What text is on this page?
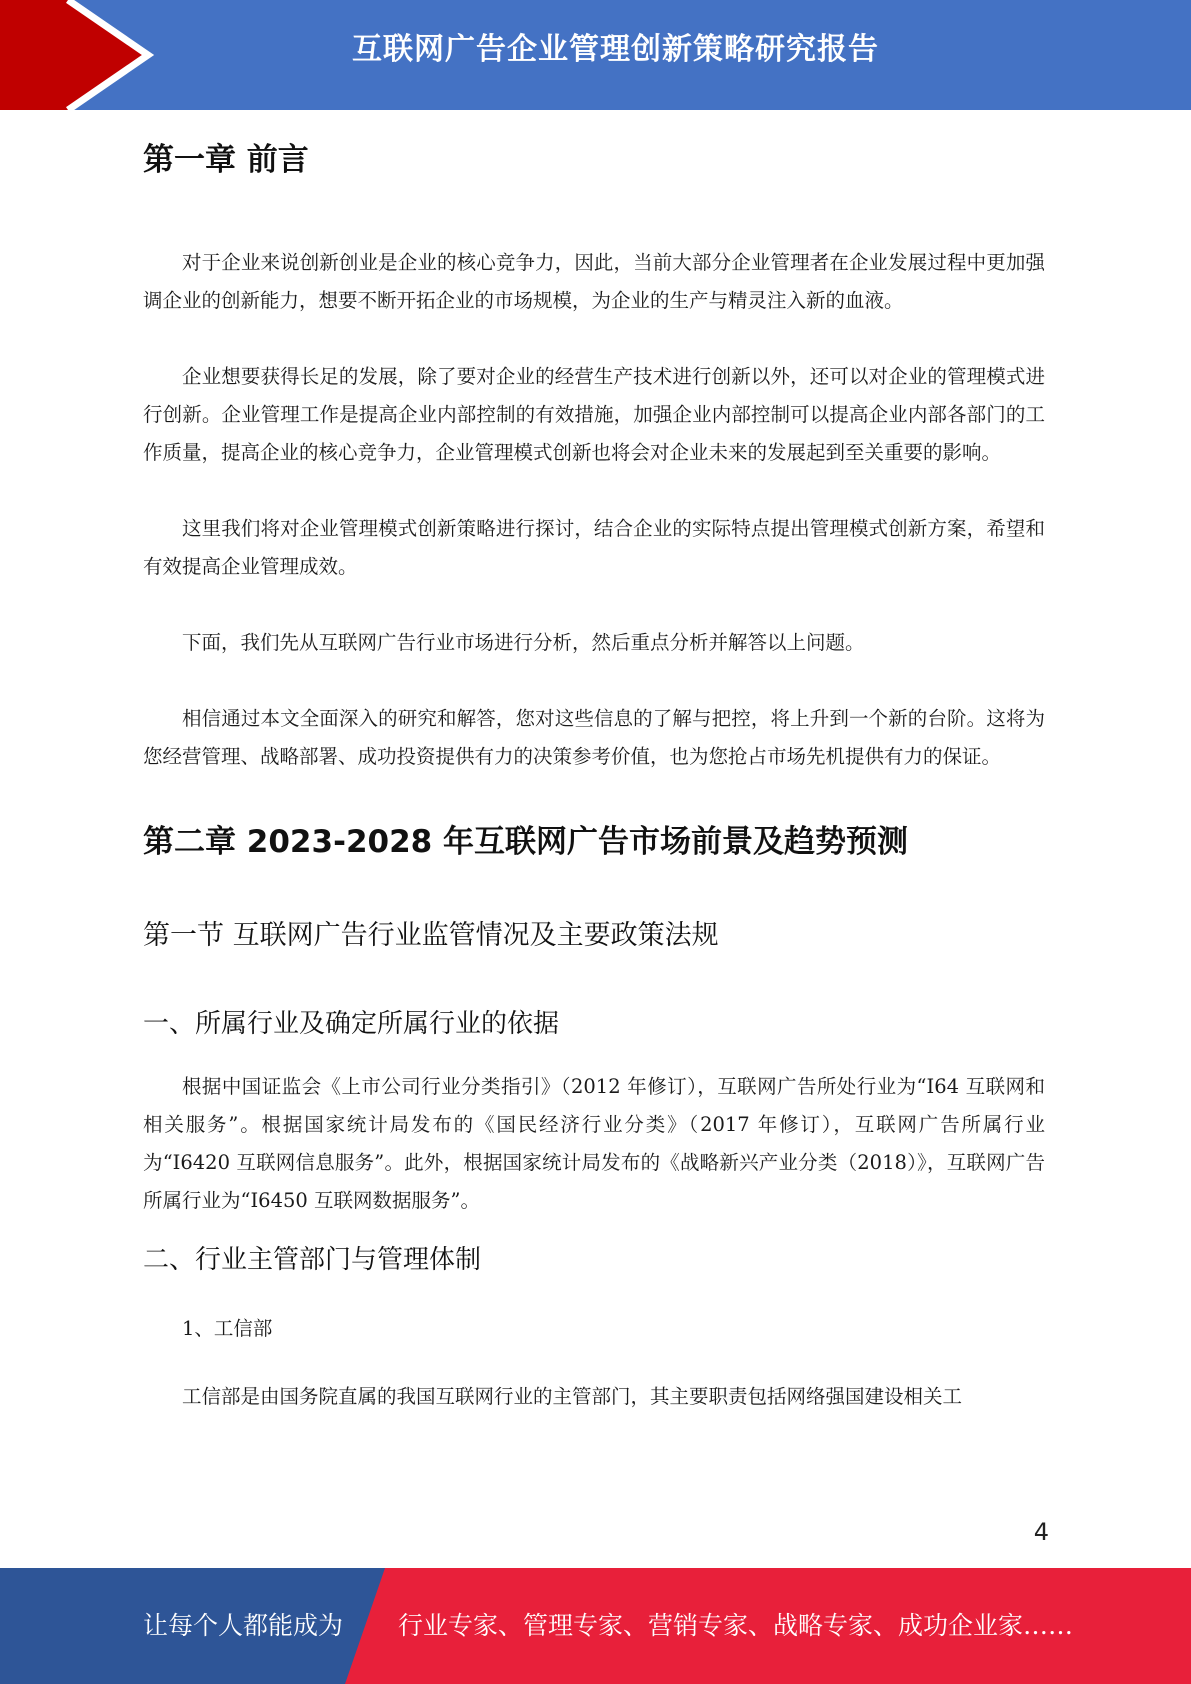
互联网广告企业管理创新策略研究报告
第一章 前言

对于企业来说创新创业是企业的核心竞争力，因此，当前大部分企业管理者在企业发展过程中更加强调企业的创新能力，想要不断开拓企业的市场规模，为企业的生产与精灵注入新的血液。

企业想要获得长足的发展，除了要对企业的经营生产技术进行创新以外，还可以对企业的管理模式进行创新。企业管理工作是提高企业内部控制的有效措施，加强企业内部控制可以提高企业内部各部门的工作质量，提高企业的核心竞争力，企业管理模式创新也将会对企业未来的发展起到至关重要的影响。

这里我们将对企业管理模式创新策略进行探讨，结合企业的实际特点提出管理模式创新方案，希望和有效提高企业管理成效。

下面，我们先从互联网广告行业市场进行分析，然后重点分析并解答以上问题。

相信通过本文全面深入的研究和解答，您对这些信息的了解与把控，将上升到一个新的台阶。这将为您经营管理、战略部署、成功投资提供有力的决策参考价值，也为您抢占市场先机提供有力的保证。

第二章 2023-2028 年互联网广告市场前景及趋势预测
第一节 互联网广告行业监管情况及主要政策法规
一、所属行业及确定所属行业的依据

根据中国证监会《上市公司行业分类指引》（2012 年修订），互联网广告所处行业为“I64 互联网和相关服务”。根据国家统计局发布的《国民经济行业分类》（2017 年修订），互联网广告所属行业为“I6420 互联网信息服务”。此外，根据国家统计局发布的《战略新兴产业分类（2018）》，互联网广告所属行业为“I6450 互联网数据服务”。

二、行业主管部门与管理体制

1、工信部

工信部是由国务院直属的我国互联网行业的主管部门，其主要职责包括网络强国建设相关工

4
让每个人都能成为 行业专家、管理专家、营销专家、战略专家、成功企业家……
